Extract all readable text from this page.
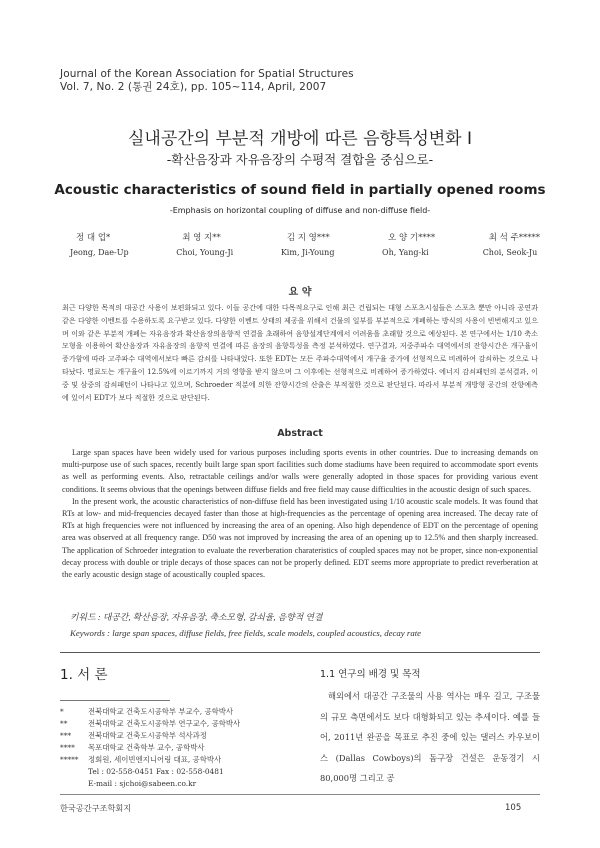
Journal of the Korean Association for Spatial Structures
Vol. 7, No. 2 (통권 24호), pp. 105~114, April, 2007
실내공간의 부분적 개방에 따른 음향특성변화 Ⅰ
-확산음장과 자유음장의 수평적 결합을 중심으로-
Acoustic characteristics of sound field in partially opened rooms
-Emphasis on horizontal coupling of diffuse and non-diffuse field-
정 대 업*
Jeong, Dae-Up
최 영 지**
Choi, Young-Ji
김 지 영***
Kim, Ji-Young
오 양 기****
Oh, Yang-ki
최 석 주*****
Choi, Seok-Ju
요 약
최근 다양한 목적의 대공간 사용이 보편화되고 있다. 이들 공간에 대한 다목적요구로 인해 최근 건립되는 대형 스포츠시설들은 스포츠 뿐만 아니라 공연과 같은 다양한 이벤트를 수용하도록 요구받고 있다. 다양한 이벤트 상태의 제공을 위해서 건물의 일부를 부분적으로 개폐하는 방식의 사용이 빈번해지고 있으며 이와 같은 부분적 개폐는 자유음장과 확산음장의음향적 연결을 초래하여 음향설계단계에서 어려움을 초래할 것으로 예상된다. 본 연구에서는 1/10 축소모형을 이용하여 확산음장과 자유음장의 음향적 연결에 따른 음장의 음향특성을 측정 분석하였다. 연구결과, 저중주파수 대역에서의 잔향시간은 개구율이 증가함에 따라 고주파수 대역에서보다 빠른 감쇠를 나타내었다. 또한 EDT는 모든 주파수대역에서 개구율 증가에 선형적으로 비례하여 감쇠하는 것으로 나타났다. 명료도는 개구율이 12.5%에 이르기까지 거의 영향을 받지 않으며 그 이후에는 선형적으로 비례하여 증가하였다. 에너지 감쇠패턴의 분석결과, 이중 및 삼중의 감쇠패턴이 나타나고 있으며, Schroeder 적분에 의한 잔향시간의 산출은 부적절한 것으로 판단된다. 따라서 부분적 개방형 공간의 잔향예측에 있어서 EDT가 보다 적절한 것으로 판단된다.
Abstract

Large span spaces have been widely used for various purposes including sports events in other countries. Due to increasing demands on multi-purpose use of such spaces, recently built large span sport facilities such dome stadiums have been required to accommodate sport events as well as performing events. Also, retractable ceilings and/or walls were generally adopted in those spaces for providing various event conditions. It seems obvious that the openings between diffuse fields and free field may cause difficulties in the acoustic design of such spaces.

In the present work, the acoustic characteristics of non-diffuse field has been investigated using 1/10 acoustic scale models. It was found that RTs at low- and mid-frequencies decayed faster than those at high-frequencies as the percentage of opening area increased. The decay rate of RTs at high frequencies were not influenced by increasing the area of an opening. Also high dependence of EDT on the percentage of opening area was observed at all frequency range. D50 was not improved by increasing the area of an opening up to 12.5% and then sharply increased. The application of Schroeder integration to evaluate the reverberation charateristics of coupled spaces may not be proper, since non-exponential decay process with double or triple decays of those spaces can not be properly defined. EDT seems more appropriate to predict reverberation at the early acoustic design stage of acoustically coupled spaces.

키워드 : 대공간, 확산음장, 자유음장, 축소모형, 감쇠율, 음향적 연결
Keywords : large span spaces, diffuse fields, free fields, scale models, coupled acoustics, decay rate
1. 서 론	1.1 연구의 배경 및 목적
*	전북대학교 건축도시공학부 부교수, 공학박사
**	전북대학교 건축도시공학부 연구교수, 공학박사
***	전북대학교 건축도시공학부 석사과정
****	목포대학교 건축학부 교수, 공학박사
*****	정회원, 세이빈엔지니어링 대표, 공학박사
Tel : 02-558-0451 Fax : 02-558-0481
E-mail : sjchoi@sabeen.co.kr

해외에서 대공간 구조물의 사용 역사는 매우 길고, 구조물의 규모 측면에서도 보다 대형화되고 있는 추세이다. 예를 들어, 2011년 완공을 목표로 추진 중에 있는 댈러스 카우보이스 (Dallas Cowboys)의 돔구장 건설은 운동경기 시 80,000명 그리고 공

한국공간구조학회지	105
